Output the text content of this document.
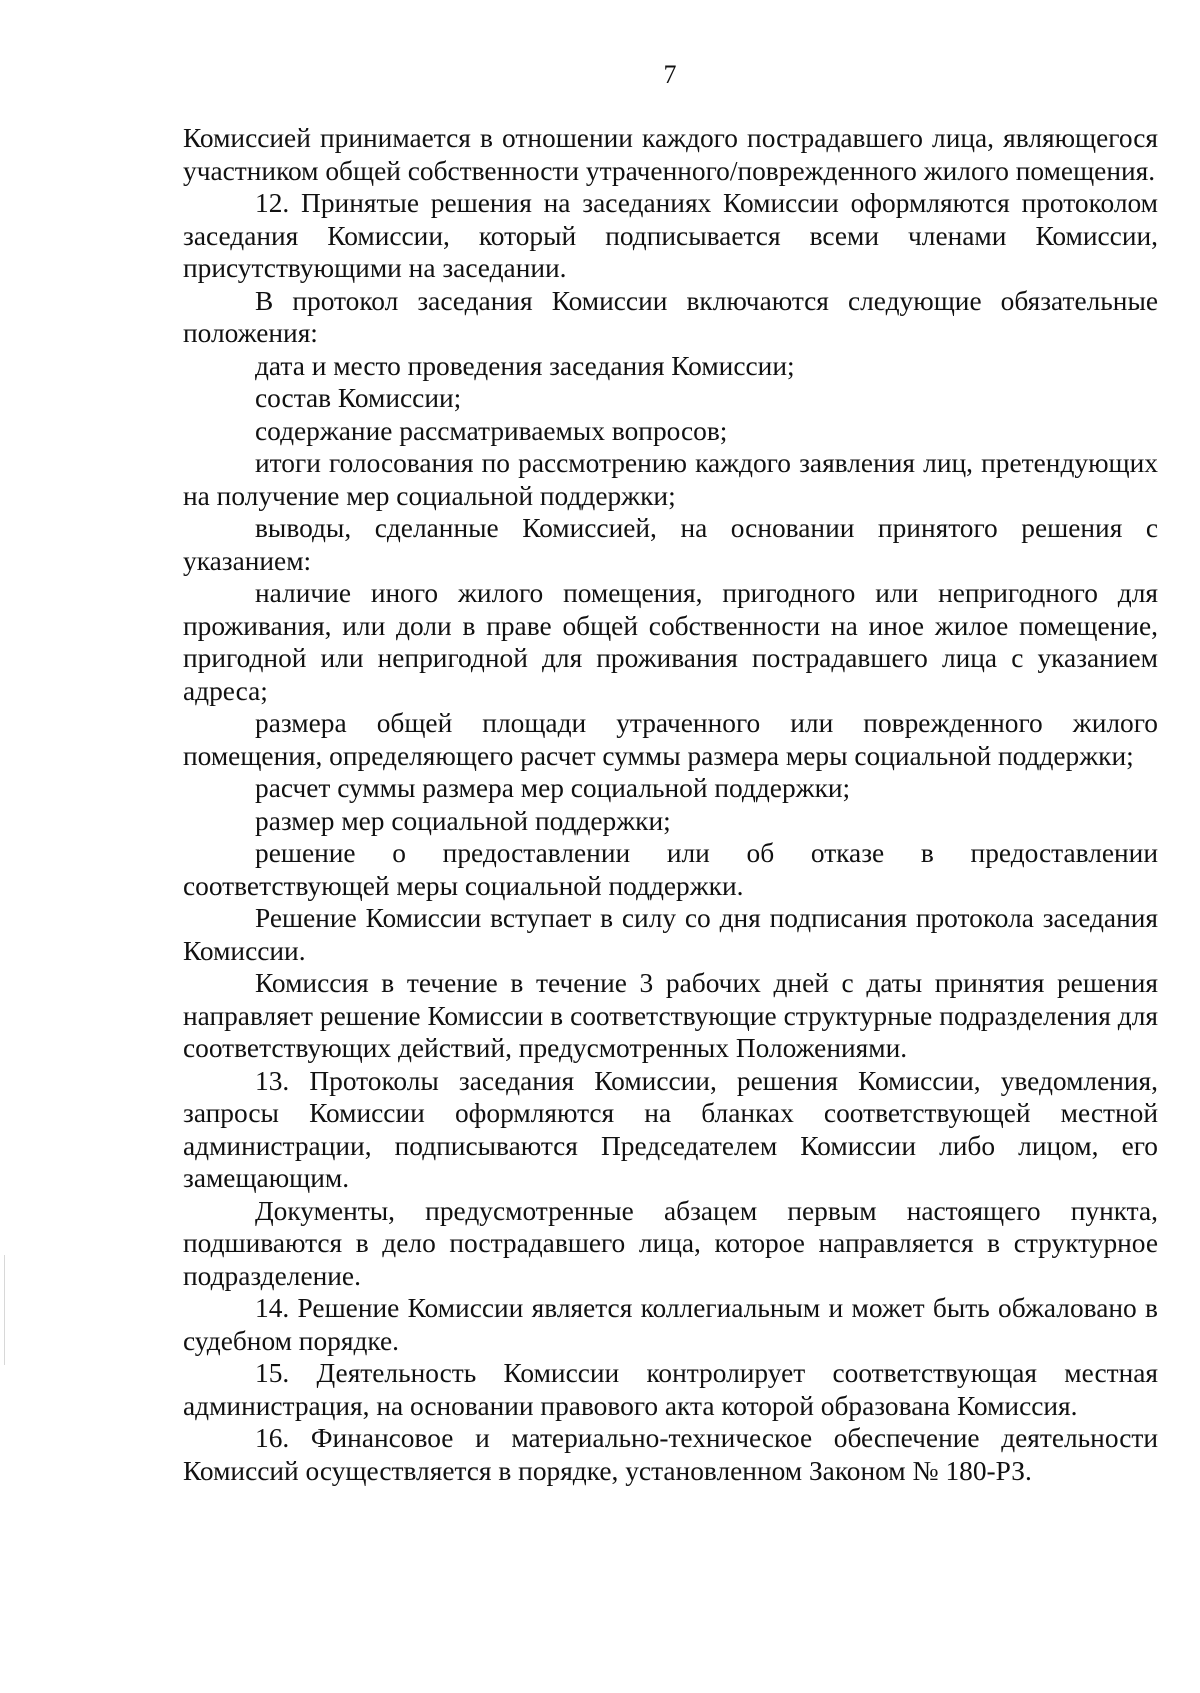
7

Комиссией принимается в отношении каждого пострадавшего лица, являющегося участником общей собственности утраченного/поврежденного жилого помещения.

12. Принятые решения на заседаниях Комиссии оформляются протоколом заседания Комиссии, который подписывается всеми членами Комиссии, присутствующими на заседании.

В протокол заседания Комиссии включаются следующие обязательные положения:

дата и место проведения заседания Комиссии;

состав Комиссии;

содержание рассматриваемых вопросов;

итоги голосования по рассмотрению каждого заявления лиц, претендующих на получение мер социальной поддержки;

выводы, сделанные Комиссией, на основании принятого решения с указанием:

наличие иного жилого помещения, пригодного или непригодного для проживания, или доли в праве общей собственности на иное жилое помещение, пригодной или непригодной для проживания пострадавшего лица с указанием адреса;

размера общей площади утраченного или поврежденного жилого помещения, определяющего расчет суммы размера меры социальной поддержки;

расчет суммы размера мер социальной поддержки;

размер мер социальной поддержки;

решение о предоставлении или об отказе в предоставлении соответствующей меры социальной поддержки.

Решение Комиссии вступает в силу со дня подписания протокола заседания Комиссии.

Комиссия в течение в течение 3 рабочих дней с даты принятия решения направляет решение Комиссии в соответствующие структурные подразделения для соответствующих действий, предусмотренных Положениями.

13. Протоколы заседания Комиссии, решения Комиссии, уведомления, запросы Комиссии оформляются на бланках соответствующей местной администрации, подписываются Председателем Комиссии либо лицом, его замещающим.

Документы, предусмотренные абзацем первым настоящего пункта, подшиваются в дело пострадавшего лица, которое направляется в структурное подразделение.

14. Решение Комиссии является коллегиальным и может быть обжаловано в судебном порядке.

15. Деятельность Комиссии контролирует соответствующая местная администрация, на основании правового акта которой образована Комиссия.

16. Финансовое и материально-техническое обеспечение деятельности Комиссий осуществляется в порядке, установленном Законом № 180-РЗ.
